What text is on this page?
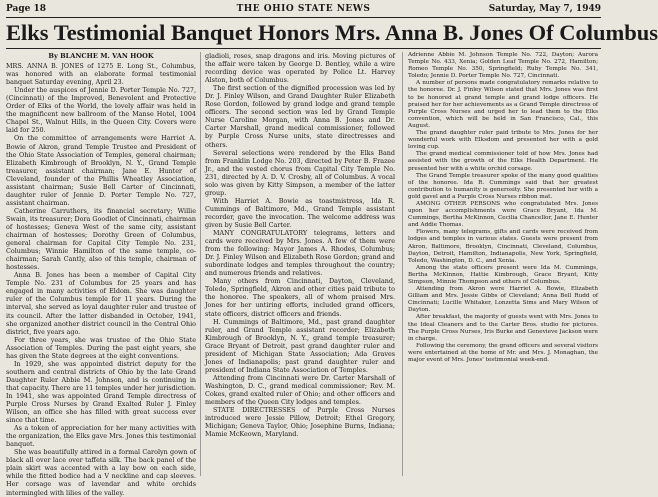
Page 18	THE OHIO STATE NEWS	Saturday, May 7, 1949
Elks Testimonial Banquet Honors Mrs. Anna B. Jones Of Columbus
By BLANCHE M. VAN HOOK

MRS. ANNA B. JONES of 1275 E. Long St., Columbus, was honored with an elaborate formal testimonial banquet Saturday evening, April 23.

Under the auspices of Jennie D. Porter Temple No. 727, (Cincinnati) of the Improved, Benevolent and Protective Order of Elks of the World, the lovely affair was held in the magnificent new ballroom of the Manse Hotel, 1004 Chapel St., Walnut Hills, in the Queen City. Covers were laid for 250.

On the committee of arrangements were Harriet A. Bowie of Akron, grand Temple Trustee and President of the Ohio State Association of Temples, general chairman; Elizabeth Kimbrough of Brooklyn, N. Y., Grand Temple treasurer, assistant chairman; Jane E. Hunter of Cleveland, founder of the Phillis Wheatley Association, assistant chairman; Susie Bell Carter of Cincinnati, daughter ruler of Jennie D. Porter Temple No. 727, assistant chairman.

Catherine Carruthers, its financial secretary; Willie Swain, its treasurer; Dora Goodlet of Cincinnati, chairman of hostesses; Geneva West of the same city, assistant chairman of hostesses; Dorothy Green of Columbus, general chairman for Capital City Temple No. 231, Columbus; Winnie Hamilton of the same temple, co-chairman; Sarah Cantly, also of this temple, chairman of hostesses.

Anna B. Jones has been a member of Capital City Temple No. 231 of Columbus for 25 years and has engaged in many activities of Eldom. She was daughter ruler of the Columbus temple for 11 years. During the interval, she served as loyal daughter ruler and trustee of its council. After the latter disbanded in October, 1941, she organized another district council in the Central Ohio district, five years ago.

For three years, she was trustee of the Ohio State Association of Temples. During the past eight years, she has given the State degrees at the eight conventions.

In 1929, she was appointed district deputy for the southern and central districts of Ohio by the late Grand Daughter Ruler Abbie M. Johnson, and is continuing in that capacity. There are 11 temples under her jurisdiction. In 1941, she was appointed Grand Temple directress of Purple Cross Nurses by Grand Exalted Ruler J. Finley Wilson, an office she has filled with great success ever since that time.

As a token of appreciation for her many activities with the organization, the Elks gave Mrs. Jones this testimonial banquet.

She was beautifully attired in a formal Carolyn gown of black all over lace over taffeta silk. The back panel of the plain skirt was accented with a lay bow on each side, while the fitted bodice had a V neckline and cap sleeves. Her corsage was of lavendar and white orchids intermingled with lilies of the valley.

gladioli, roses, snap dragons and iris. Moving pictures of the affair were taken by George D. Bentley, while a wire recording device was operated by Police Lt. Harvey Alston, both of Columbus.

The first section of the dignified procession was led by Dr. J. Finley Wilson, and Grand Daughter Ruler Elizabeth Rose Gordon, followed by grand lodge and grand temple officers. The second section was led by Grand Temple Nurse Caroline Morgan, with Anna B. Jones and Dr. Carter Marshall, grand medical commissioner, followed by Purple Cross Nurse units, state directresses and others.

Several selections were rendered by the Elks Band from Franklin Lodge No. 203, directed by Peter B. Frazee Jr., and the vested chorus from Capital City Temple No. 231, directed by A. D. V. Crosby, all of Columbus. A vocal solo was given by Kitty Simpson, a member of the latter group.

With Harriet A. Bowie as toastmistress, Ida R. Cummings of Baltimore, Md., Grand Temple assistant recorder, gave the invocation. The welcome address was given by Susie Bell Carter.

MANY CONGRATULATORY telegrams, letters and cards were received by Mrs. Jones. A few of them were from the following: Mayor James A. Rhodes, Columbus; Dr. J. Finley Wilson and Elizabeth Rose Gordon; grand and subordinate lodges and temples throughout the country; and numerous friends and relatives.

Many others from Cincinnati, Dayton, Cleveland, Toledo, Springfield, Akron and other cities paid tribute to the honoree. The speakers, all of whom praised Mrs. Jones for her untiring efforts, included grand officers, state officers, district officers and friends.

H. Cummings of Baltimore, Md., past grand daughter ruler, and Grand Temple assistant recorder; Elizabeth Kimbrough of Brooklyn, N. Y., grand temple treasurer; Grace Bryant of Detroit, past grand daughter ruler and president of Michigan State Association; Ada Graves Jones of Indianapolis; past grand daughter ruler and president of Indiana State Association of Temples.

Attending from Cincinnati were Dr. Carter Marshall of Washington, D. C., grand medical commissioner; Rev. M. Cokes, grand exalted ruler of Ohio; and other officers and members of the Queen City lodges and temples.

STATE DIRECTRESSES of Purple Cross Nurses introduced were Jessie Pillow, Detroit; Ethel Gregory, Michigan; Geneva Taylor, Ohio; Josephine Burns, Indiana; Mamie McKeown, Maryland.

Adrienne Abbie M. Johnson Temple No. 722, Dayton; Aurora Temple No. 433, Xenia; Golden Leaf Temple No. 272, Hamilton; Romeo Temple No. 350, Springfield; Ruby Temple No. 341, Toledo; Jennie D. Porter Temple No. 727, Cincinnati.

A number of persons made congratulatory remarks relative to the honoree. Dr. J. Finley Wilson stated that Mrs. Jones was first to be honored at grand temple and grand lodge officers. He praised her for her achievements as a Grand Temple directress of Purple Cross Nurses and urged her to lead them to the Elks convention, which will be held in San Francisco, Cal., this August.

The grand daughter ruler paid tribute to Mrs. Jones for her wonderful work with Elksdom and presented her with a gold loving cup.

The grand medical commissioner told of how Mrs. Jones had assisted with the growth of the Elks Health Department. He presented her with a white orchid corsage.

The Grand Temple treasurer spoke of the many good qualities of the honoree. Ida R. Cummings said that her greatest contribution to humanity is generosity. She presented her with a gold gavel and a Purple Cross Nurses ribbon mat.

AMONG OTHER PERSONS who congratulated Mrs. Jones upon her accomplishments were Grace Bryant, Ida M. Cummings, Bertha McKinnon, Cecilia Chancellor, Jane E. Hunter and Addie Thomas.

Flowers, many telegrams, gifts and cards were received from lodges and temples in various states. Guests were present from Akron, Baltimore, Brooklyn, Cincinnati, Cleveland, Columbus, Dayton, Detroit, Hamilton, Indianapolis, New York, Springfield, Toledo, Washington, D. C., and Xenia.

Among the state officers present were Ida M. Cummings, Bertha McKinnon, Hattie Kimbrough, Grace Bryant, Kitty Simpson, Minnie Thompson and others of Columbus.

Attending from Akron were Harriet A. Bowie, Elizabeth Gilliam and Mrs. Jessie Gibbs of Cleveland; Anna Bell Rudd of Cincinnati; Lucille Whitaker, Lonzetta Sims and Mary Wilson of Dayton.

After breakfast, the majority of guests went with Mrs. Jones to the Ideal Cleaners and to the Carter Bros. studio for pictures. The Purple Cross Nurses, Iris Burke and Genevieve Jackson were in charge.

Following the ceremony, the grand officers and several visitors were entertained at the home of Mr. and Mrs. J. Monaghan, the major event of Mrs. Jones' testimonial week-end.
